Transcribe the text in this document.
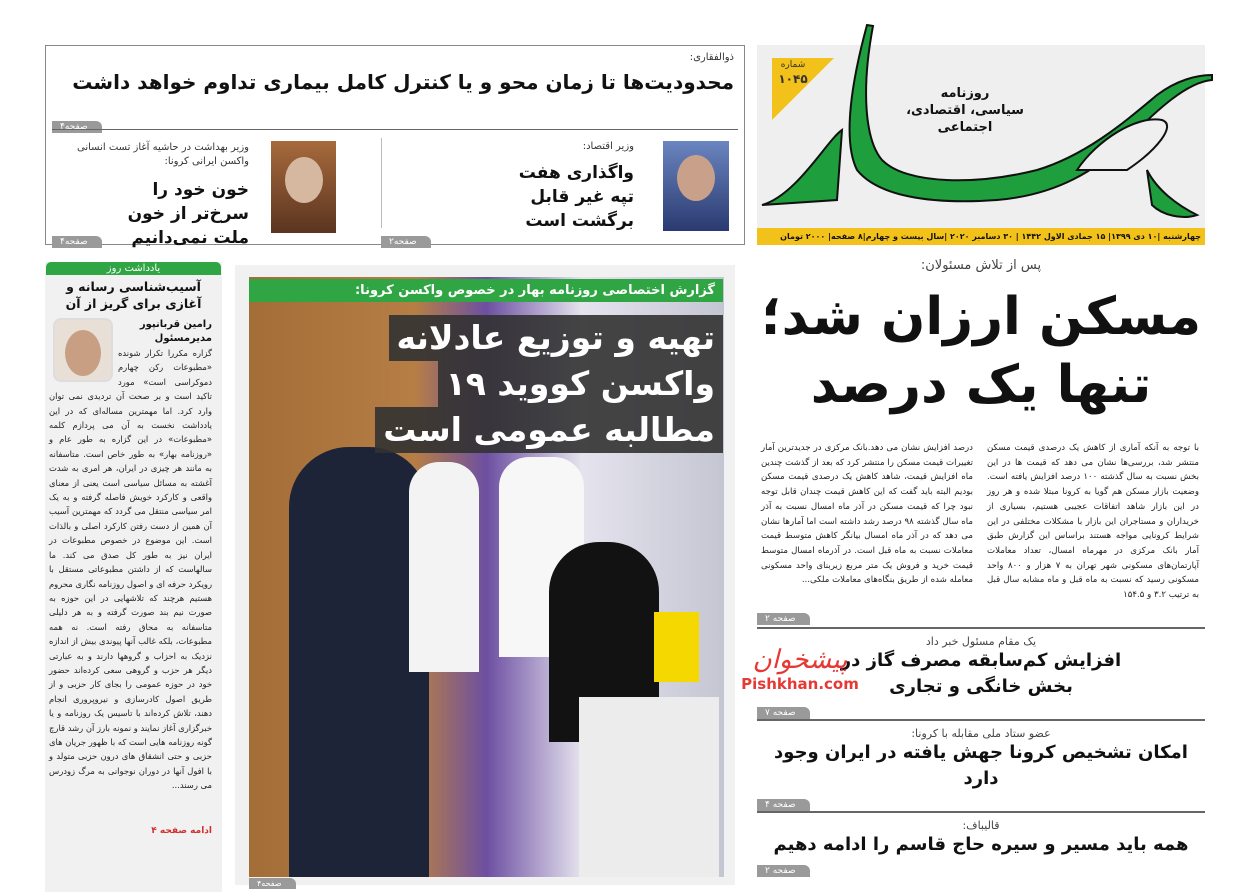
شماره
۱۰۴۵
روزنامه
سیاسی، اقتصادی، اجتماعی
چهارشنبه |۱۰ دی ۱۳۹۹| ۱۵ جمادی الاول ۱۴۴۲ | ۳۰ دسامبر ۲۰۲۰ |سال بیست و چهارم|۸ صفحه| ۲۰۰۰ تومان
ذوالفقاری:
محدودیت‌ها تا زمان محو و یا کنترل کامل بیماری تداوم خواهد داشت
صفحه۴
وزیر اقتصاد:
واگذاری هفت تپه غیر قابل برگشت است
صفحه۲
وزیر بهداشت در حاشیه آغاز تست انسانی واکسن ایرانی کرونا:
خون خود را سرخ‌تر از خون ملت نمی‌دانیم
صفحه۴
پس از تلاش مسئولان:
مسکن ارزان شد؛
تنها یک درصد

با توجه به آنکه آماری از کاهش یک درصدی قیمت مسکن منتشر شد، بررسی‌ها نشان می دهد که قیمت ها در این بخش نسبت به سال گذشته ۱۰۰ درصد افزایش یافته است. وضعیت بازار مسکن هم گویا به کرونا مبتلا شده و هر روز در این بازار شاهد اتفاقات عجیبی هستیم، بسیاری از خریداران و مستاجران این بازار با مشکلات مختلفی در این شرایط کرونایی مواجه هستند براساس این گزارش طبق آمار بانک مرکزی در مهرماه امسال، تعداد معاملات آپارتمان‌های مسکونی شهر تهران به ۷ هزار و ۸۰۰ واحد مسکونی رسید که نسبت به ماه قبل و ماه مشابه سال قبل به ترتیب ۳.۲ و ۱۵۴.۵

درصد افزایش نشان می دهد.بانک مرکزی در جدیدترین آمار تغییرات قیمت مسکن را منتشر کرد که بعد از گذشت چندین ماه افزایش قیمت، شاهد کاهش یک درصدی قیمت مسکن بودیم البته باید گفت که این کاهش قیمت چندان قابل توجه نبود چرا که قیمت مسکن در آذر ماه امسال نسبت به آذر ماه سال گذشته ۹۸ درصد رشد داشته است اما آمارها نشان می دهد که در آذر ماه امسال بیانگر کاهش متوسط قیمت معاملات نسبت به ماه قبل است. در آذرماه امسال متوسط قیمت خرید و فروش یک متر مربع زیربنای واحد مسکونی معامله شده از طریق بنگاه‌های معاملات ملکی...

صفحه ۲
یک مقام مسئول خبر داد
افزایش کم‌سابقه مصرف گاز در بخش خانگی و تجاری
صفحه ۷
عضو ستاد ملی مقابله با کرونا:
امکان تشخیص کرونا جهش یافته در ایران وجود دارد
صفحه ۴
قالیباف:
همه باید مسیر و سیره حاج قاسم را ادامه دهیم
صفحه ۲
پیشخوان
Pishkhan.com
گزارش اختصاصی روزنامه بهار در خصوص واکسن کرونا:
تهیه و توزیع عادلانه
واکسن کووید ۱۹
مطالبه عمومی است
صفحه۴
یادداشت روز
آسیب‌شناسی رسانه و آغازی برای گریز از آن
رامین قربانپور
مدیرمسئول

گزاره مکررا تکرار شونده «مطبوعات رکن چهارم دموکراسی است» مورد تاکید است و بر صحت آن تردیدی نمی توان وارد کرد. اما مهمترین مساله‌ای که در این یادداشت نخست به آن می پردازم کلمه «مطبوعات» در این گزاره به طور عام و «روزنامه بهار» به طور خاص است. متاسفانه به مانند هر چیزی در ایران، هر امری به شدت آغشته به مسائل سیاسی است یعنی از معنای واقعی و کارکرد خویش فاصله گرفته و به یک امر سیاسی منتقل می گردد که مهمترین آسیب آن همین از دست رفتن کارکرد اصلی و بالذات است. این موضوع در خصوص مطبوعات در ایران نیز به طور کل صدق می کند. ما سالهاست که از داشتن مطبوعاتی مستقل با رویکرد حرفه ای و اصول روزنامه نگاری محروم هستیم هرچند که تلاشهایی در این حوزه به صورت نیم بند صورت گرفته و به هر دلیلی متاسفانه به محاق رفته است. نه همه مطبوعات، بلکه غالب آنها پیوندی بیش از اندازه نزدیک به احزاب و گروهها دارند و به عبارتی دیگر هر حزب و گروهی سعی کرده‌اند حضور خود در حوزه عمومی را بجای کار حزبی و از طریق اصول کادرسازی و نیروپروری انجام دهند، تلاش کرده‌اند با تاسیس یک روزنامه و یا خبرگزاری آغاز نمایند و نمونه بارز آن رشد قارچ گونه روزنامه هایی است که با ظهور جریان های حزبی و حتی انشقاق های درون حزبی متولد و با افول آنها در دوران نوجوانی به مرگ زودرس می رسند...

ادامه صفحه ۴
